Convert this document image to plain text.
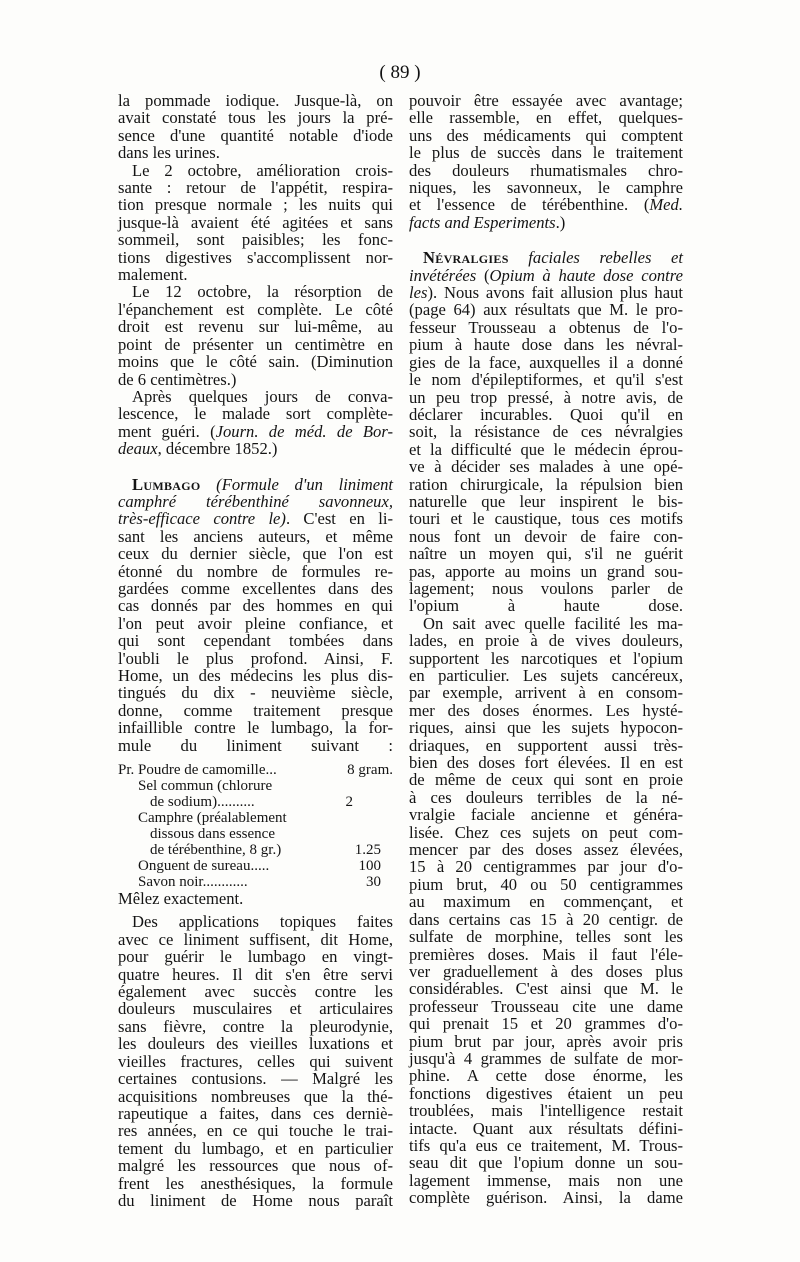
( 89 )
la pommade iodique. Jusque-là, on
avait constaté tous les jours la pré-
sence d'une quantité notable d'iode
dans les urines.
Le 2 octobre, amélioration crois-
sante : retour de l'appétit, respira-
tion presque normale ; les nuits qui
jusque-là avaient été agitées et sans
sommeil, sont paisibles; les fonc-
tions digestives s'accomplissent nor-
malement.
Le 12 octobre, la résorption de
l'épanchement est complète. Le côté
droit est revenu sur lui-même, au
point de présenter un centimètre en
moins que le côté sain. (Diminution
de 6 centimètres.)
Après quelques jours de conva-
lescence, le malade sort complète-
ment guéri. (Journ. de méd. de Bor-
deaux, décembre 1852.)
Lumbago (Formule d'un liniment
camphré térébenthiné savonneux,
très-efficace contre le). C'est en li-
sant les anciens auteurs, et même
ceux du dernier siècle, que l'on est
étonné du nombre de formules re-
gardées comme excellentes dans des
cas donnés par des hommes en qui
l'on peut avoir pleine confiance, et
qui sont cependant tombées dans
l'oubli le plus profond. Ainsi, F.
Home, un des médecins les plus dis-
tingués du dix - neuvième siècle,
donne, comme traitement presque
infaillible contre le lumbago, la for-
mule du liniment suivant :
Pr. Poudre de camomille...	8 gram.
Sel commun (chlorure
de sodium)..........	2
Camphre (préalablement
dissous dans essence
de térébenthine, 8 gr.)	1.25
Onguent de sureau.....	100
Savon noir............	30
Mêlez exactement.
Des applications topiques faites
avec ce liniment suffisent, dit Home,
pour guérir le lumbago en vingt-
quatre heures. Il dit s'en être servi
également avec succès contre les
douleurs musculaires et articulaires
sans fièvre, contre la pleurodynie,
les douleurs des vieilles luxations et
vieilles fractures, celles qui suivent
certaines contusions. — Malgré les
acquisitions nombreuses que la thé-
rapeutique a faites, dans ces derniè-
res années, en ce qui touche le trai-
tement du lumbago, et en particulier
malgré les ressources que nous of-
frent les anesthésiques, la formule
du liniment de Home nous paraît
pouvoir être essayée avec avantage;
elle rassemble, en effet, quelques-
uns des médicaments qui comptent
le plus de succès dans le traitement
des douleurs rhumatismales chro-
niques, les savonneux, le camphre
et l'essence de térébenthine. (Med.
facts and Esperiments.)
Névralgies faciales rebelles et
invétérées (Opium à haute dose contre
les). Nous avons fait allusion plus haut
(page 64) aux résultats que M. le pro-
fesseur Trousseau a obtenus de l'o-
pium à haute dose dans les névral-
gies de la face, auxquelles il a donné
le nom d'épileptiformes, et qu'il s'est
un peu trop pressé, à notre avis, de
déclarer incurables. Quoi qu'il en
soit, la résistance de ces névralgies
et la difficulté que le médecin éprou-
ve à décider ses malades à une opé-
ration chirurgicale, la répulsion bien
naturelle que leur inspirent le bis-
touri et le caustique, tous ces motifs
nous font un devoir de faire con-
naître un moyen qui, s'il ne guérit
pas, apporte au moins un grand sou-
lagement; nous voulons parler de
l'opium à haute dose.
On sait avec quelle facilité les ma-
lades, en proie à de vives douleurs,
supportent les narcotiques et l'opium
en particulier. Les sujets cancéreux,
par exemple, arrivent à en consom-
mer des doses énormes. Les hysté-
riques, ainsi que les sujets hypocon-
driaques, en supportent aussi très-
bien des doses fort élevées. Il en est
de même de ceux qui sont en proie
à ces douleurs terribles de la né-
vralgie faciale ancienne et généra-
lisée. Chez ces sujets on peut com-
mencer par des doses assez élevées,
15 à 20 centigrammes par jour d'o-
pium brut, 40 ou 50 centigrammes
au maximum en commençant, et
dans certains cas 15 à 20 centigr. de
sulfate de morphine, telles sont les
premières doses. Mais il faut l'éle-
ver graduellement à des doses plus
considérables. C'est ainsi que M. le
professeur Trousseau cite une dame
qui prenait 15 et 20 grammes d'o-
pium brut par jour, après avoir pris
jusqu'à 4 grammes de sulfate de mor-
phine. A cette dose énorme, les
fonctions digestives étaient un peu
troublées, mais l'intelligence restait
intacte. Quant aux résultats défini-
tifs qu'a eus ce traitement, M. Trous-
seau dit que l'opium donne un sou-
lagement immense, mais non une
complète guérison. Ainsi, la dame
